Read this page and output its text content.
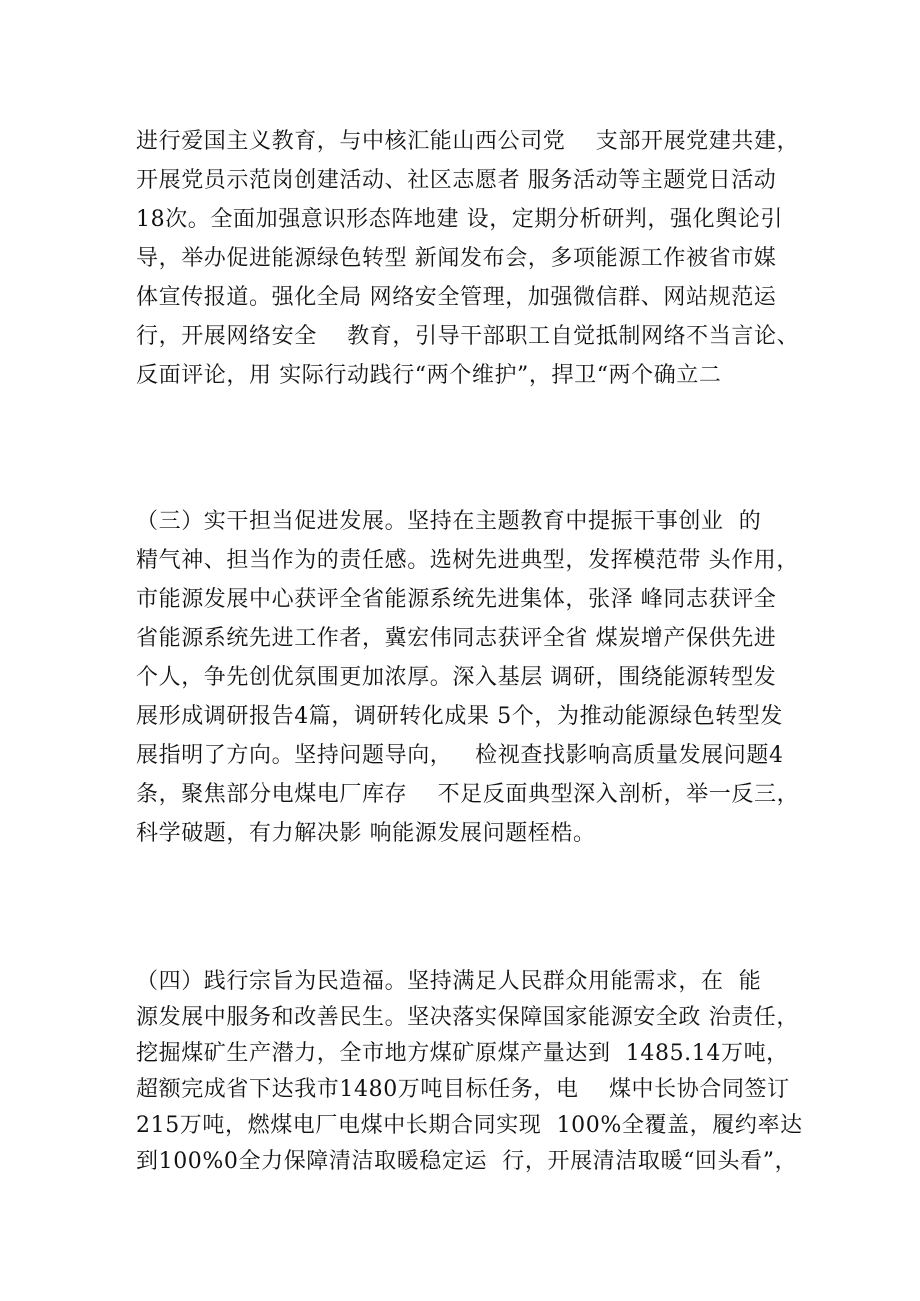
进行爱国主义教育，与中核汇能山西公司党    支部开展党建共建，
开展党员示范岗创建活动、社区志愿者 服务活动等主题党日活动
18次。全面加强意识形态阵地建 设，定期分析研判，强化舆论引
导，举办促进能源绿色转型 新闻发布会，多项能源工作被省市媒
体宣传报道。强化全局 网络安全管理，加强微信群、网站规范运
行，开展网络安全    教育，引导干部职工自觉抵制网络不当言论、
反面评论，用 实际行动践行“两个维护”，捍卫“两个确立二
（三）实干担当促进发展。坚持在主题教育中提振干事创业  的
精气神、担当作为的责任感。选树先进典型，发挥模范带 头作用，
市能源发展中心获评全省能源系统先进集体，张泽 峰同志获评全
省能源系统先进工作者，冀宏伟同志获评全省 煤炭增产保供先进
个人，争先创优氛围更加浓厚。深入基层 调研，围绕能源转型发
展形成调研报告4篇，调研转化成果 5个，为推动能源绿色转型发
展指明了方向。坚持问题导向，   检视查找影响高质量发展问题4
条，聚焦部分电煤电厂库存    不足反面典型深入剖析，举一反三，
科学破题，有力解决影 响能源发展问题桎梏。
（四）践行宗旨为民造福。坚持满足人民群众用能需求，在  能
源发展中服务和改善民生。坚决落实保障国家能源安全政 治责任，
挖掘煤矿生产潜力，全市地方煤矿原煤产量达到  1485.14万吨，
超额完成省下达我市1480万吨目标任务，电    煤中长协合同签订
215万吨，燃煤电厂电煤中长期合同实现  100%全覆盖，履约率达
到100%0全力保障清洁取暖稳定运  行，开展清洁取暖“回头看”，
